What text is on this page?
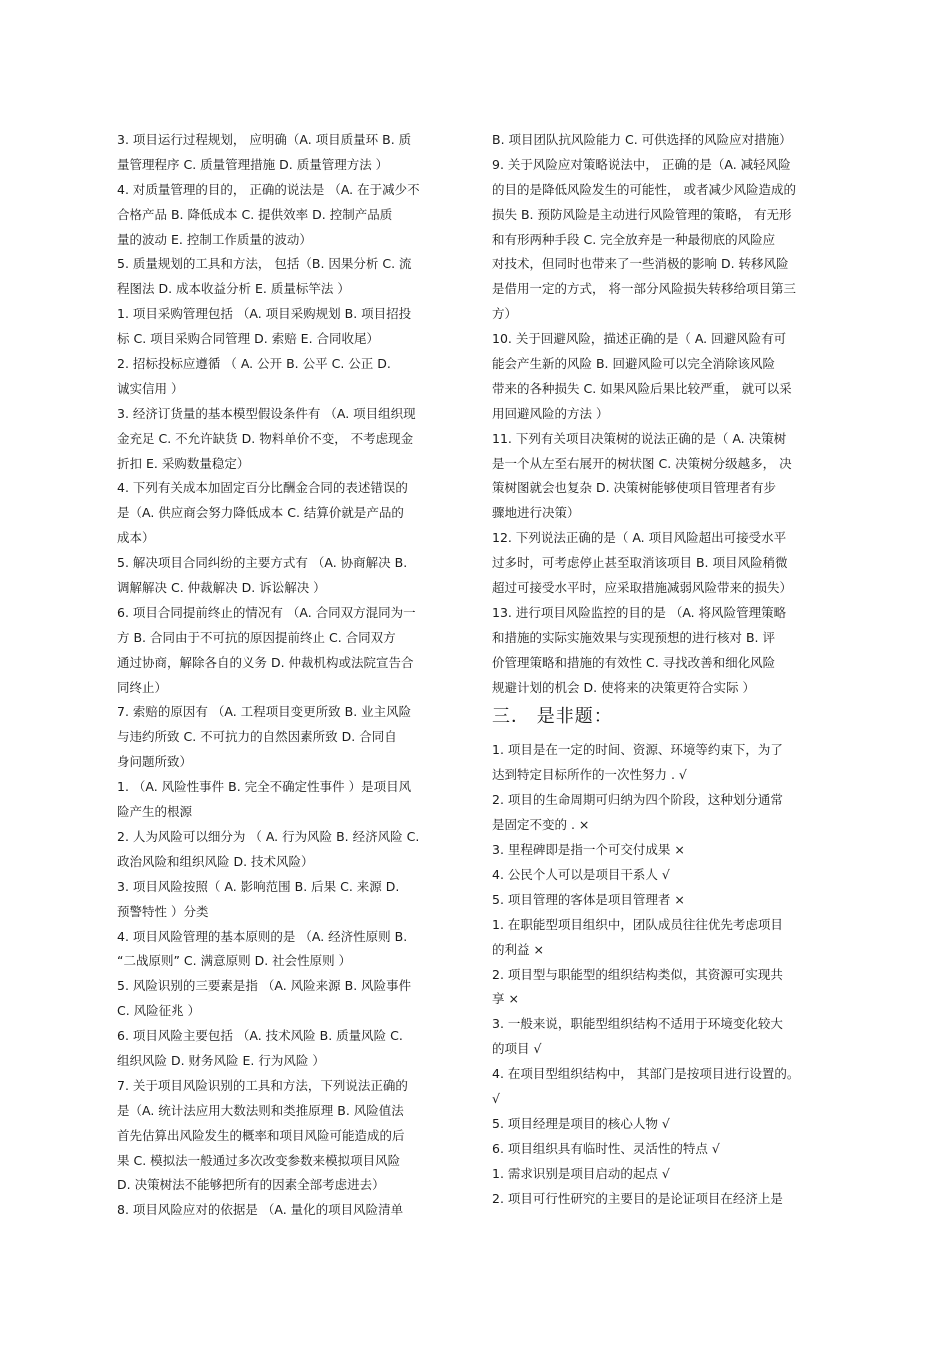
3. 项目运行过程规划， 应明确（A. 项目质量环 B. 质
量管理程序 C. 质量管理措施 D. 质量管理方法 ）
4. 对质量管理的目的， 正确的说法是 （A. 在于减少不
合格产品 B. 降低成本 C. 提供效率 D. 控制产品质
量的波动 E. 控制工作质量的波动）
5. 质量规划的工具和方法， 包括（B. 因果分析 C. 流
程图法 D. 成本收益分析 E. 质量标竿法 ）
1. 项目采购管理包括 （A. 项目采购规划 B. 项目招投
标 C. 项目采购合同管理 D. 索赔 E. 合同收尾）
2. 招标投标应遵循 （ A. 公开 B. 公平 C. 公正 D.
诚实信用 ）
3. 经济订货量的基本模型假设条件有 （A. 项目组织现
金充足 C. 不允许缺货 D. 物料单价不变， 不考虑现金
折扣 E. 采购数量稳定）
4. 下列有关成本加固定百分比酬金合同的表述错误的
是（A. 供应商会努力降低成本 C. 结算价就是产品的
成本）
5. 解决项目合同纠纷的主要方式有 （A. 协商解决 B.
调解解决 C. 仲裁解决 D. 诉讼解决 ）
6. 项目合同提前终止的情况有 （A. 合同双方混同为一
方 B. 合同由于不可抗的原因提前终止 C. 合同双方
通过协商，解除各自的义务 D. 仲裁机构或法院宣告合
同终止）
7. 索赔的原因有 （A. 工程项目变更所致 B. 业主风险
与违约所致 C. 不可抗力的自然因素所致 D. 合同自
身问题所致）
1. （A. 风险性事件 B. 完全不确定性事件 ）是项目风
险产生的根源
2. 人为风险可以细分为 （ A. 行为风险 B. 经济风险 C.
政治风险和组织风险 D. 技术风险）
3. 项目风险按照（ A. 影响范围 B. 后果 C. 来源 D.
预警特性 ）分类
4. 项目风险管理的基本原则的是 （A. 经济性原则 B.
“二战原则” C. 满意原则 D. 社会性原则 ）
5. 风险识别的三要素是指 （A. 风险来源 B. 风险事件
C. 风险征兆 ）
6. 项目风险主要包括 （A. 技术风险 B. 质量风险 C.
组织风险 D. 财务风险 E. 行为风险 ）
7. 关于项目风险识别的工具和方法，下列说法正确的
是（A. 统计法应用大数法则和类推原理 B. 风险值法
首先估算出风险发生的概率和项目风险可能造成的后
果 C. 模拟法一般通过多次改变参数来模拟项目风险
D. 决策树法不能够把所有的因素全部考虑进去）
8. 项目风险应对的依据是 （A. 量化的项目风险清单
B. 项目团队抗风险能力 C. 可供选择的风险应对措施）
9. 关于风险应对策略说法中， 正确的是（A. 减轻风险
的目的是降低风险发生的可能性， 或者减少风险造成的
损失 B. 预防风险是主动进行风险管理的策略， 有无形
和有形两种手段 C. 完全放弃是一种最彻底的风险应
对技术，但同时也带来了一些消极的影响 D. 转移风险
是借用一定的方式， 将一部分风险损失转移给项目第三
方）
10. 关于回避风险，描述正确的是（ A. 回避风险有可
能会产生新的风险 B. 回避风险可以完全消除该风险
带来的各种损失 C. 如果风险后果比较严重， 就可以采
用回避风险的方法 ）
11. 下列有关项目决策树的说法正确的是（ A. 决策树
是一个从左至右展开的树状图 C. 决策树分级越多， 决
策树图就会也复杂 D. 决策树能够使项目管理者有步
骤地进行决策）
12. 下列说法正确的是（ A. 项目风险超出可接受水平
过多时，可考虑停止甚至取消该项目 B. 项目风险稍微
超过可接受水平时，应采取措施减弱风险带来的损失）
13. 进行项目风险监控的目的是 （A. 将风险管理策略
和措施的实际实施效果与实现预想的进行核对 B. 评
价管理策略和措施的有效性 C. 寻找改善和细化风险
规避计划的机会 D. 使将来的决策更符合实际 ）
三． 是非题：
1. 项目是在一定的时间、资源、环境等约束下，为了
达到特定目标所作的一次性努力 . √
2. 项目的生命周期可归纳为四个阶段，这种划分通常
是固定不变的 . ×
3. 里程碑即是指一个可交付成果 ×
4. 公民个人可以是项目干系人 √
5. 项目管理的客体是项目管理者 ×
1. 在职能型项目组织中，团队成员往往优先考虑项目
的利益 ×
2. 项目型与职能型的组织结构类似，其资源可实现共
享 ×
3. 一般来说，职能型组织结构不适用于环境变化较大
的项目 √
4. 在项目型组织结构中， 其部门是按项目进行设置的。
√
5. 项目经理是项目的核心人物 √
6. 项目组织具有临时性、灵活性的特点 √
1. 需求识别是项目启动的起点 √
2. 项目可行性研究的主要目的是论证项目在经济上是
